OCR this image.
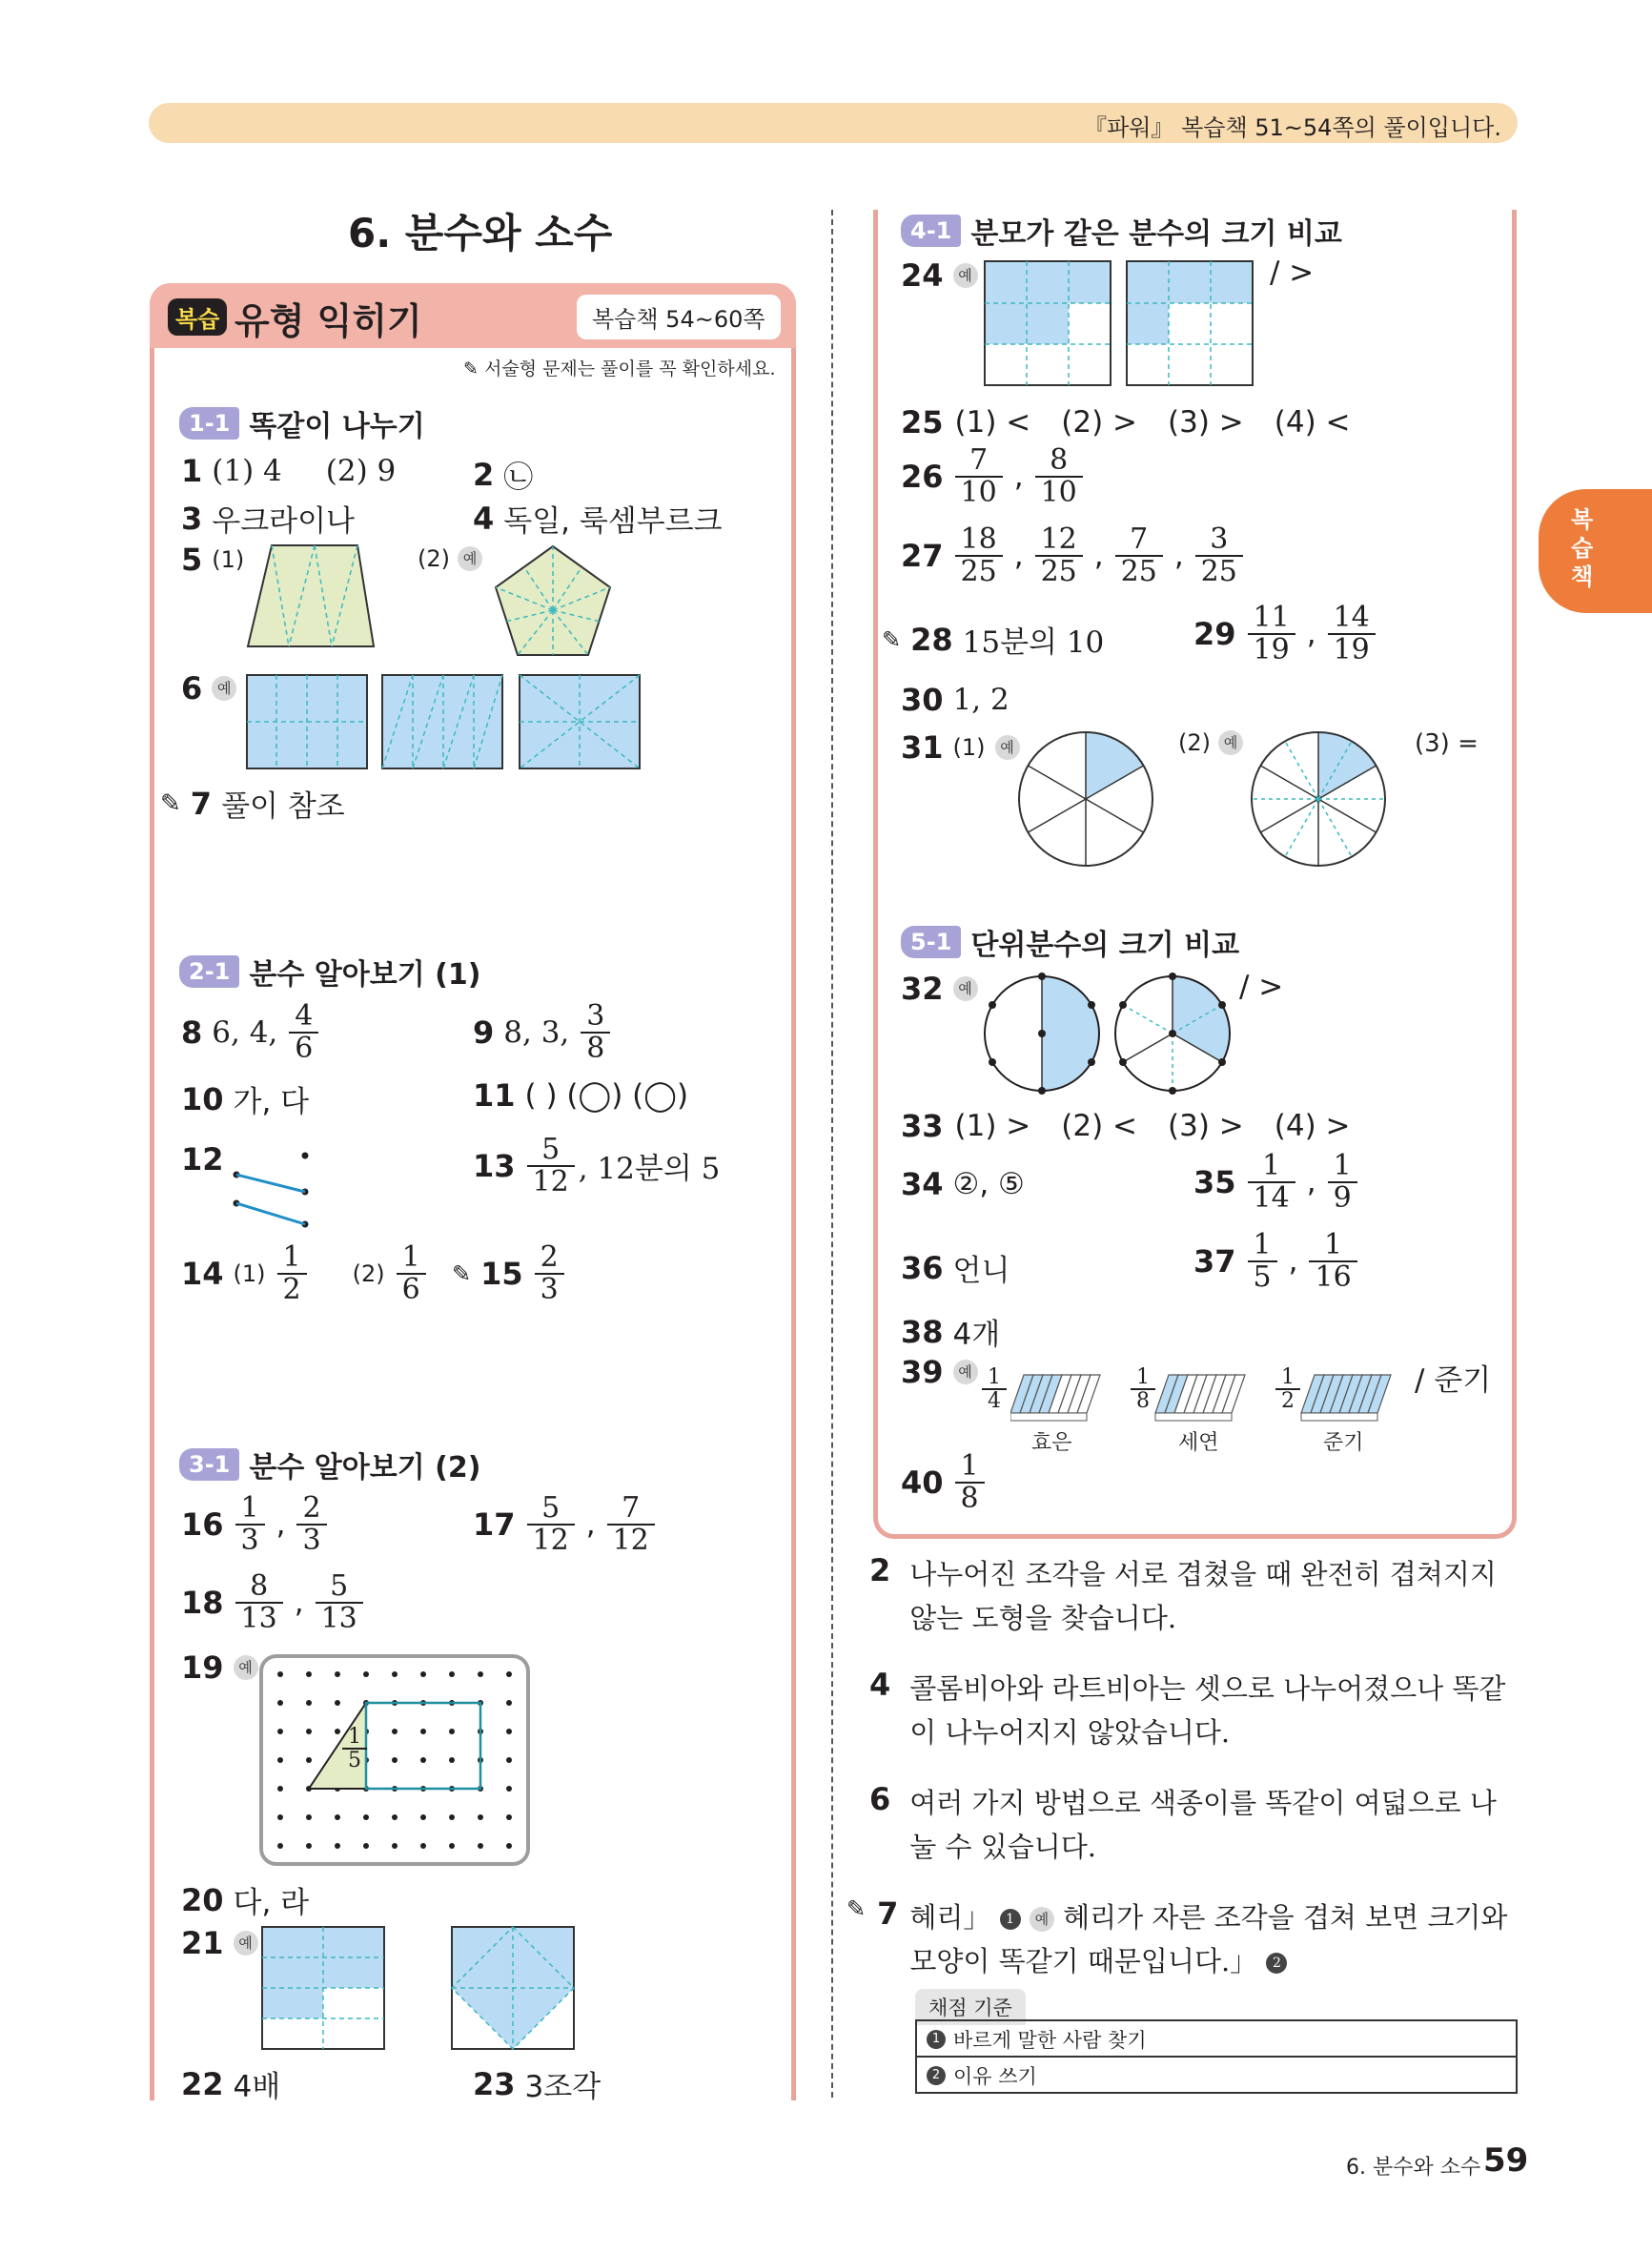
『파워』 복습책 51~54쪽의 풀이입니다.
복습책
6. 분수와 소수
복습 유형 익히기	복습책 54~60쪽
✎ 서술형 문제는 풀이를 꼭 확인하세요.
1-1 똑같이 나누기
1 (1) 4 (2) 9	2 ㉡
3 우크라이나	4 독일, 룩셈부르크
5 (1)	(2) 예
6	예
✎ 7 풀이 참조
2-1 분수 알아보기 (1)
8 6, 4, $\frac{4}{6}$	9 8, 3, $\frac{3}{8}$
10 가, 다	11 ( ) (◯) (◯)
12	$13 \frac{5}{12}$ , 12분의 5
14 $(1) \frac{1}{2} (2) \frac{1}{6}$ ✎ $15 \frac{2}{3}$
3-1 분수 알아보기 (2)
$16 \frac{1}{3}$ , $\frac{2}{3}$	$17 \frac{5}{12}$ , $\frac{7}{12}$
$18 \frac{8}{13}$ , $\frac{5}{13}$
19	예
$\frac{1}{5}$
20 다, 라
21	예
22 4배	23 3조각
4-1 분모가 같은 분수의 크기 비교
24	예	/ >
25 (1) < (2) > (3) > (4) <
$26 \frac{7}{10}$ , $\frac{8}{10}$
$27 \frac{18}{25}$ , $\frac{12}{25}$ , $\frac{7}{25}$ , $\frac{3}{25}$
✎ 28 15분의 10	$29 \frac{11}{19}$ , $\frac{14}{19}$
30 1, 2
31 (1)	예	(2) 예	(3) =
5-1 단위분수의 크기 비교
32	예	/ >
33 (1) > (2) < (3) > (4) >
34 ②, ⑤	$35 \frac{1}{14}$ , $\frac{1}{9}$
36 언니	$37 \frac{1}{5}$ , $\frac{1}{16}$
38 4개
39	예 $\frac{1}{4}$	$\frac{1}{8}$	$\frac{1}{2}$
효은	세연	준기
/ 준기
$40 \frac{1}{8}$
2 나누어진 조각을 서로 겹쳤을 때 완전히 겹쳐지지 않는 도형을 찾습니다.
4 콜롬비아와 라트비아는 셋으로 나누어졌으나 똑같이 나누어지지 않았습니다.
6 여러 가지 방법으로 색종이를 똑같이 여덟으로 나눌 수 있습니다.
✎ 7 혜리」 1 예 혜리가 자른 조각을 겹쳐 보면 크기와 모양이 똑같기 때문입니다.」 2
채점 기준
1 바르게 말한 사람 찾기
2 이유 쓰기
6. 분수와 소수 59
